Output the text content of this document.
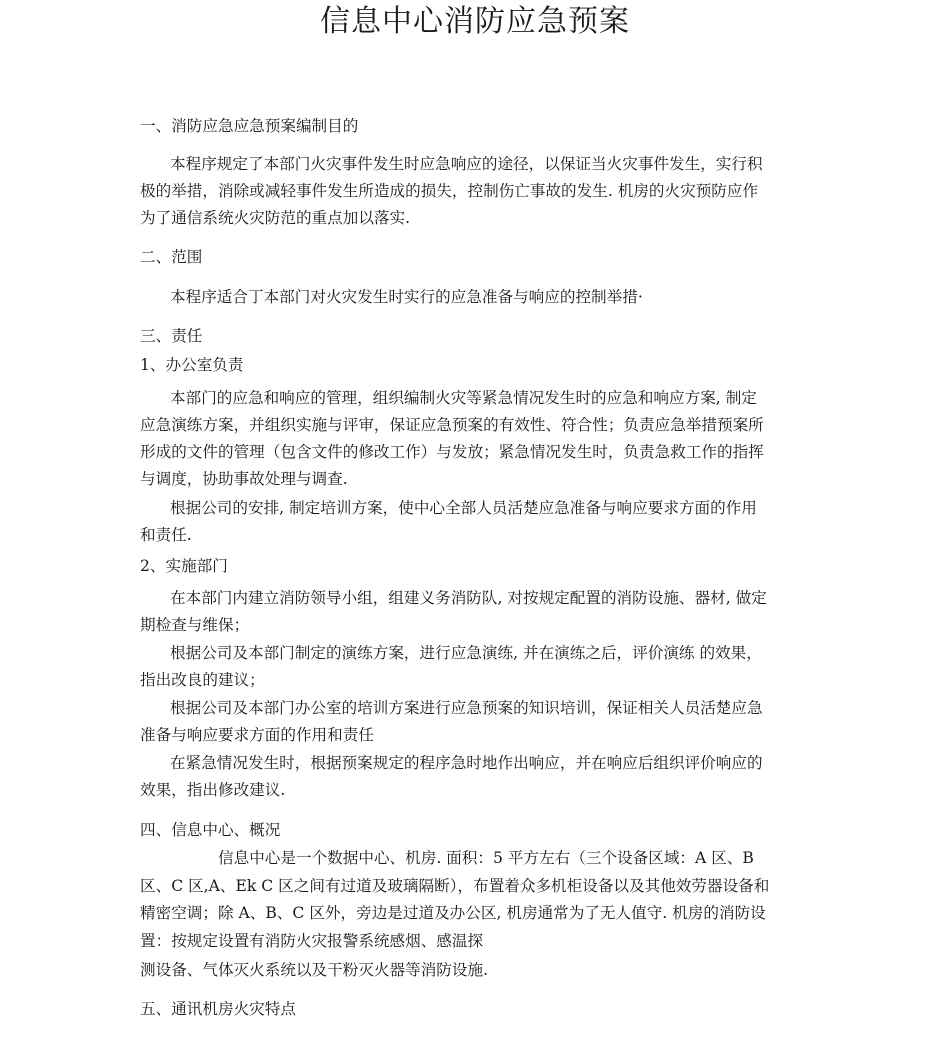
信息中心消防应急预案
一、消防应急应急预案编制目的
本程序规定了本部门火灾事件发生时应急响应的途径，以保证当火灾事件发生，实行积
极的举措，消除或减轻事件发生所造成的损失，控制伤亡事故的发生. 机房的火灾预防应作
为了通信系统火灾防范的重点加以落实.
二、范围
本程序适合丁本部门对火灾发生时实行的应急准备与响应的控制举措·
三、责任
1、办公室负责
本部门的应急和响应的管理，组织编制火灾等紧急情况发生时的应急和响应方案, 制定
应急演练方案，并组织实施与评审，保证应急预案的有效性、符合性；负责应急举措预案所
形成的文件的管理（包含文件的修改工作）与发放；紧急情况发生时，负责急救工作的指挥
与调度，协助事故处理与调查.
根据公司的安排, 制定培训方案，使中心全部人员活楚应急准备与响应要求方面的作用
和责任.
2、实施部门
在本部门内建立消防领导小组，组建义务消防队, 对按规定配置的消防设施、器材, 做定
期检查与维保；
根据公司及本部门制定的演练方案，进行应急演练, 并在演练之后，评价演练 的效果，
指出改良的建议；
根据公司及本部门办公室的培训方案进行应急预案的知识培训，保证相关人员活楚应急
准备与响应要求方面的作用和责任
在紧急情况发生时，根据预案规定的程序急时地作出响应，并在响应后组织评价响应的
效果，指出修改建议.
四、信息中心、概况
信息中心是一个数据中心、机房. 面积：5 平方左右（三个设备区域：A 区、B
区、C 区,A、Ek C 区之间有过道及玻璃隔断），布置着众多机柜设备以及其他效劳器设备和
精密空调；除 A、B、C 区外，旁边是过道及办公区, 机房通常为了无人值守. 机房的消防设
置：按规定设置有消防火灾报警系统感烟、感温探
测设备、气体灭火系统以及干粉灭火器等消防设施.
五、通讯机房火灾特点
